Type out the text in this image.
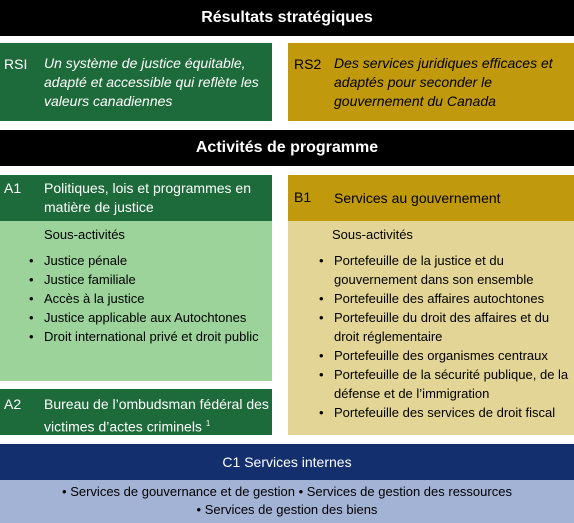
Résultats stratégiques
RSI Un système de justice équitable, adapté et accessible qui reflète les valeurs canadiennes
RS2 Des services juridiques efficaces et adaptés pour seconder le gouvernement du Canada
Activités de programme
A1 Politiques, lois et programmes en matière de justice
Sous-activités
• Justice pénale
• Justice familiale
• Accès à la justice
• Justice applicable aux Autochtones
• Droit international privé et droit public
A2 Bureau de l’ombudsman fédéral des victimes d’actes criminels $^1$
B1 Services au gouvernement
Sous-activités
• Portefeuille de la justice et du gouvernement dans son ensemble
• Portefeuille des affaires autochtones
• Portefeuille du droit des affaires et du droit réglementaire
• Portefeuille des organismes centraux
• Portefeuille de la sécurité publique, de la défense et de l’immigration
• Portefeuille des services de droit fiscal
C1 Services internes
• Services de gouvernance et de gestion • Services de gestion des ressources
• Services de gestion des biens
